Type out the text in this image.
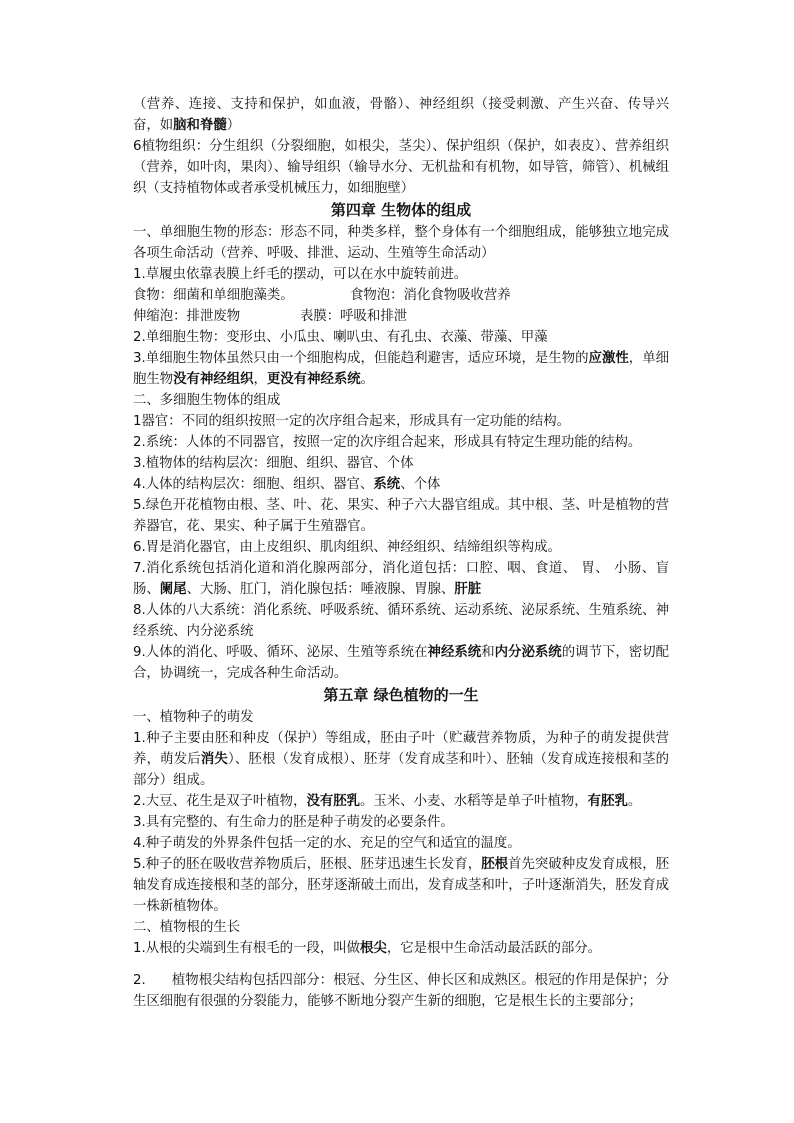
（营养、连接、支持和保护，如血液，骨骼）、神经组织（接受刺激、产生兴奋、传导兴奋，如脑和脊髓）

6植物组织：分生组织（分裂细胞，如根尖，茎尖）、保护组织（保护，如表皮）、营养组织（营养，如叶肉，果肉）、输导组织（输导水分、无机盐和有机物，如导管，筛管）、机械组织（支持植物体或者承受机械压力，如细胞壁）

第四章 生物体的组成

一、单细胞生物的形态：形态不同，种类多样，整个身体有一个细胞组成，能够独立地完成各项生命活动（营养、呼吸、排泄、运动、生殖等生命活动）

1.草履虫依靠表膜上纤毛的摆动，可以在水中旋转前进。

食物：细菌和单细胞藻类。	食物泡：消化食物吸收营养

伸缩泡：排泄废物	表膜：呼吸和排泄

2.单细胞生物：变形虫、小瓜虫、喇叭虫、有孔虫、衣藻、带藻、甲藻

3.单细胞生物体虽然只由一个细胞构成，但能趋利避害，适应环境，是生物的应激性，单细胞生物没有神经组织，更没有神经系统。

二、多细胞生物体的组成

1器官：不同的组织按照一定的次序组合起来，形成具有一定功能的结构。

2.系统：人体的不同器官，按照一定的次序组合起来，形成具有特定生理功能的结构。

3.植物体的结构层次：细胞、组织、器官、个体

4.人体的结构层次：细胞、组织、器官、系统、个体

5.绿色开花植物由根、茎、叶、花、果实、种子六大器官组成。其中根、茎、叶是植物的营养器官，花、果实、种子属于生殖器官。

6.胃是消化器官，由上皮组织、肌肉组织、神经组织、结缔组织等构成。

7.消化系统包括消化道和消化腺两部分，消化道包括：口腔、咽、食道、 胃、 小肠、盲肠、阑尾、大肠、肛门，消化腺包括：唾液腺、胃腺、肝脏

8.人体的八大系统：消化系统、呼吸系统、循环系统、运动系统、泌尿系统、生殖系统、神经系统、内分泌系统

9.人体的消化、呼吸、循环、泌尿、生殖等系统在神经系统和内分泌系统的调节下，密切配合，协调统一，完成各种生命活动。

第五章 绿色植物的一生

一、植物种子的萌发

1.种子主要由胚和种皮（保护）等组成，胚由子叶（贮藏营养物质，为种子的萌发提供营养，萌发后消失）、胚根（发育成根）、胚芽（发育成茎和叶）、胚轴（发育成连接根和茎的部分）组成。

2.大豆、花生是双子叶植物，没有胚乳。玉米、小麦、水稻等是单子叶植物，有胚乳。

3.具有完整的、有生命力的胚是种子萌发的必要条件。

4.种子萌发的外界条件包括一定的水、充足的空气和适宜的温度。

5.种子的胚在吸收营养物质后，胚根、胚芽迅速生长发育，胚根首先突破种皮发育成根，胚轴发育成连接根和茎的部分，胚芽逐渐破土而出，发育成茎和叶，子叶逐渐消失，胚发育成一株新植物体。

二、植物根的生长

1.从根的尖端到生有根毛的一段，叫做根尖，它是根中生命活动最活跃的部分。

2. 植物根尖结构包括四部分：根冠、分生区、伸长区和成熟区。根冠的作用是保护；分生区细胞有很强的分裂能力，能够不断地分裂产生新的细胞，它是根生长的主要部分；
